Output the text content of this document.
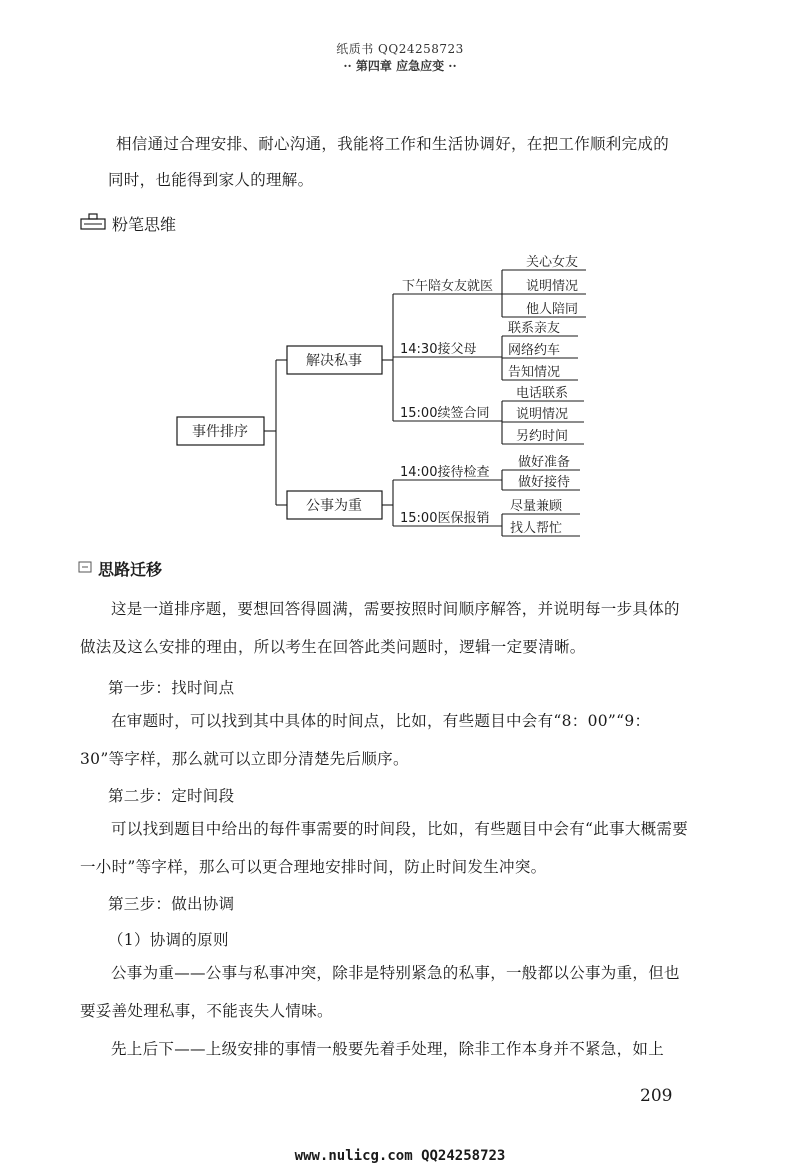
纸质书 QQ24258723
·· 第四章 应急应变 ··
相信通过合理安排、耐心沟通，我能将工作和生活协调好，在把工作顺利完成的
同时，也能得到家人的理解。
粉笔思维
事件排序
解决私事
公事为重
下午陪女友就医
14:30接父母
15:00续签合同
14:00接待检查
15:00医保报销
关心女友
说明情况
他人陪同
联系亲友
网络约车
告知情况
电话联系
说明情况
另约时间
做好准备
做好接待
尽量兼顾
找人帮忙
思路迁移
这是一道排序题，要想回答得圆满，需要按照时间顺序解答，并说明每一步具体的做法及这么安排的理由，所以考生在回答此类问题时，逻辑一定要清晰。
第一步：找时间点
在审题时，可以找到其中具体的时间点，比如，有些题目中会有“8：00”“9：30”等字样，那么就可以立即分清楚先后顺序。
第二步：定时间段
可以找到题目中给出的每件事需要的时间段，比如，有些题目中会有“此事大概需要一小时”等字样，那么可以更合理地安排时间，防止时间发生冲突。
第三步：做出协调
（1）协调的原则
公事为重——公事与私事冲突，除非是特别紧急的私事，一般都以公事为重，但也要妥善处理私事，不能丧失人情味。
先上后下——上级安排的事情一般要先着手处理，除非工作本身并不紧急，如上
209
www.nulicg.com QQ24258723
